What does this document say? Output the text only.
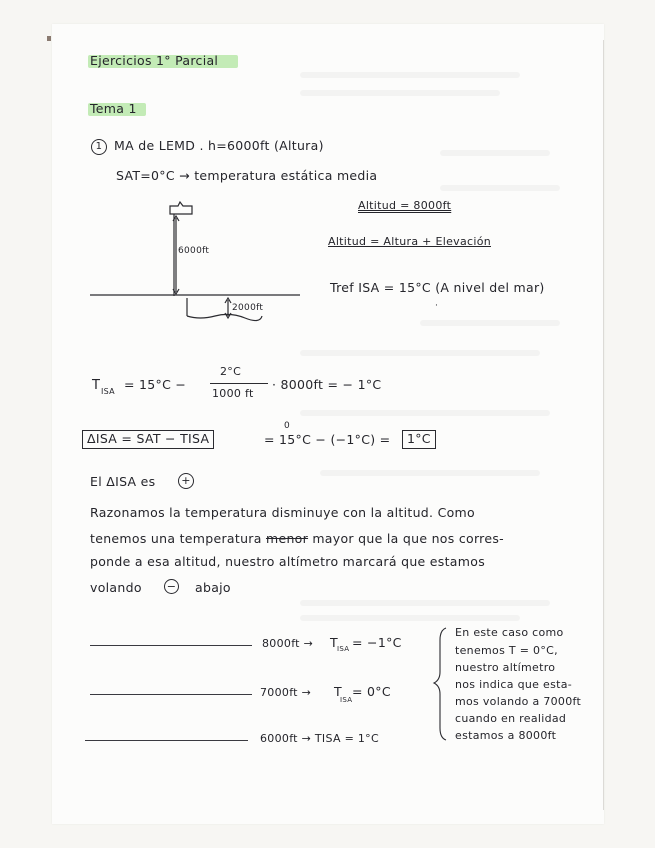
Ejercicios 1° Parcial
Tema 1
1 MA de LEMD . h=6000ft (Altura)
SAT=0°C → temperatura estática media
Altitud = 8000ft
Altitud = Altura + Elevación
Tref ISA = 15°C (A nivel del mar)
6000ft
2000ft	·
T ISA = 15°C −
2°C
1000 ft
· 8000ft = − 1°C
ΔISA = SAT − TISA
0
= 15°C − (−1°C) =	1°C
El ΔISA es +
Razonamos la temperatura disminuye con la altitud. Como
tenemos una temperatura menor mayor que la que nos corres-
ponde a esa altitud, nuestro altímetro marcará que estamos
volando − abajo
8000ft → T ISA = −1°C
7000ft → T
ISA
= 0°C
6000ft → TISA = 1°C
En este caso como
tenemos T = 0°C,
nuestro altímetro
nos indica que esta-
mos volando a 7000ft
cuando en realidad
estamos a 8000ft
